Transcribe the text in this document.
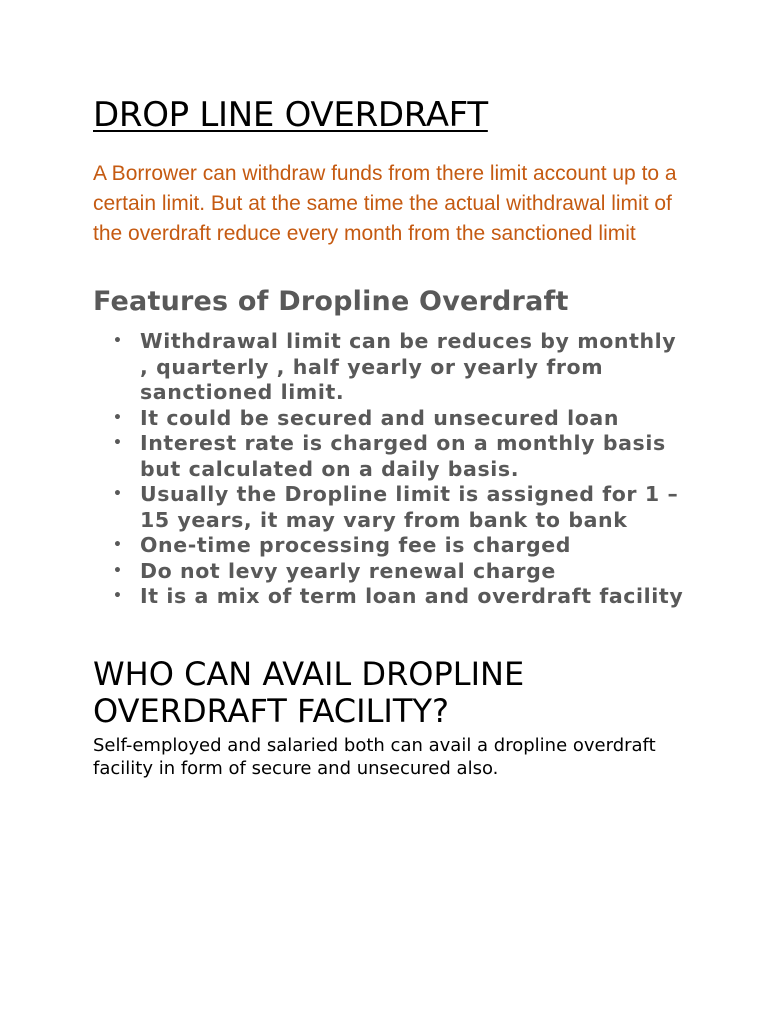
DROP LINE OVERDRAFT

A Borrower can withdraw funds from there limit account up to a certain limit. But at the same time the actual withdrawal limit of the overdraft reduce every month from the sanctioned limit

Features of Dropline Overdraft
• Withdrawal limit can be reduces by monthly , quarterly , half yearly or yearly from sanctioned limit.
• It could be secured and unsecured loan
• Interest rate is charged on a monthly basis but calculated on a daily basis.
• Usually the Dropline limit is assigned for 1 – 15 years, it may vary from bank to bank
• One-time processing fee is charged
• Do not levy yearly renewal charge
• It is a mix of term loan and overdraft facility
WHO CAN AVAIL DROPLINE OVERDRAFT FACILITY?

Self-employed and salaried both can avail a dropline overdraft facility in form of secure and unsecured also.
